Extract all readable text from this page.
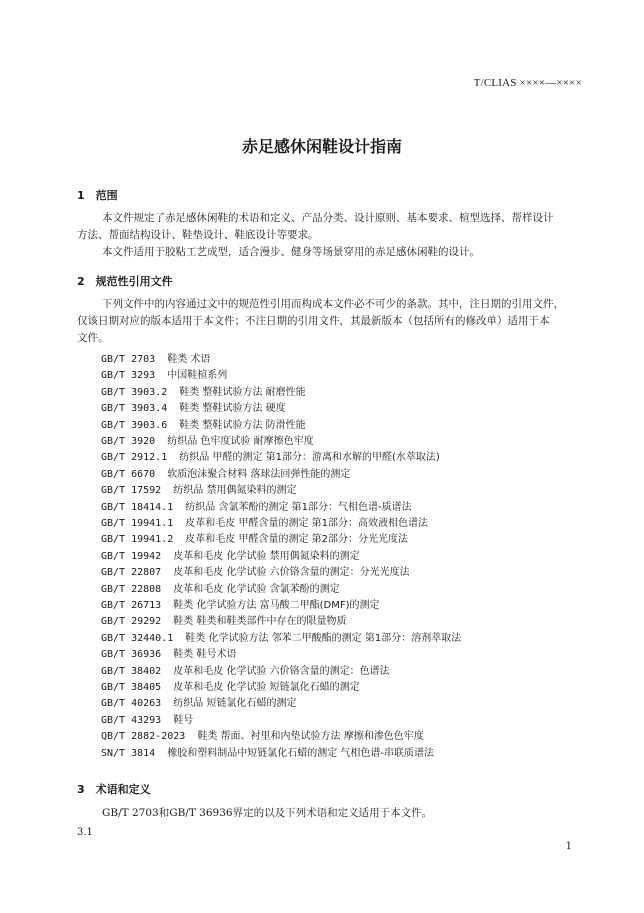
T/CLIAS ××××—××××
赤足感休闲鞋设计指南
1　范围
本文件规定了赤足感休闲鞋的术语和定义、产品分类、设计原则、基本要求、楦型选择、帮样设计
方法、帮面结构设计、鞋垫设计、鞋底设计等要求。
本文件适用于胶粘工艺成型，适合漫步、健身等场景穿用的赤足感休闲鞋的设计。
2　规范性引用文件
下列文件中的内容通过文中的规范性引用而构成本文件必不可少的条款。其中，注日期的引用文件，
仅该日期对应的版本适用于本文件；不注日期的引用文件，其最新版本（包括所有的修改单）适用于本
文件。
GB/T 2703 鞋类 术语
GB/T 3293 中国鞋楦系列
GB/T 3903.2 鞋类 整鞋试验方法 耐磨性能
GB/T 3903.4 鞋类 整鞋试验方法 硬度
GB/T 3903.6 鞋类 整鞋试验方法 防滑性能
GB/T 3920 纺织品 色牢度试验 耐摩擦色牢度
GB/T 2912.1 纺织品 甲醛的测定 第1部分：游离和水解的甲醛(水萃取法)
GB/T 6670 软质泡沫聚合材料 落球法回弹性能的测定
GB/T 17592 纺织品 禁用偶氮染料的测定
GB/T 18414.1 纺织品 含氯苯酚的测定 第1部分：气相色谱-质谱法
GB/T 19941.1 皮革和毛皮 甲醛含量的测定 第1部分：高效液相色谱法
GB/T 19941.2 皮革和毛皮 甲醛含量的测定 第2部分：分光光度法
GB/T 19942 皮革和毛皮 化学试验 禁用偶氮染料的测定
GB/T 22807 皮革和毛皮 化学试验 六价铬含量的测定：分光光度法
GB/T 22808 皮革和毛皮 化学试验 含氯苯酚的测定
GB/T 26713 鞋类 化学试验方法 富马酸二甲酯(DMF)的测定
GB/T 29292 鞋类 鞋类和鞋类部件中存在的限量物质
GB/T 32440.1 鞋类 化学试验方法 邻苯二甲酸酯的测定 第1部分：溶剂萃取法
GB/T 36936 鞋类 鞋号术语
GB/T 38402 皮革和毛皮 化学试验 六价铬含量的测定：色谱法
GB/T 38405 皮革和毛皮 化学试验 短链氯化石蜡的测定
GB/T 40263 纺织品 短链氯化石蜡的测定
GB/T 43293 鞋号
QB/T 2882-2023 鞋类 帮面、衬里和内垫试验方法 摩擦和渗色色牢度
SN/T 3814 橡胶和塑料制品中短链氯化石蜡的测定 气相色谱-串联质谱法
3　术语和定义
GB/T 2703和GB/T 36936界定的以及下列术语和定义适用于本文件。
3.1
1
